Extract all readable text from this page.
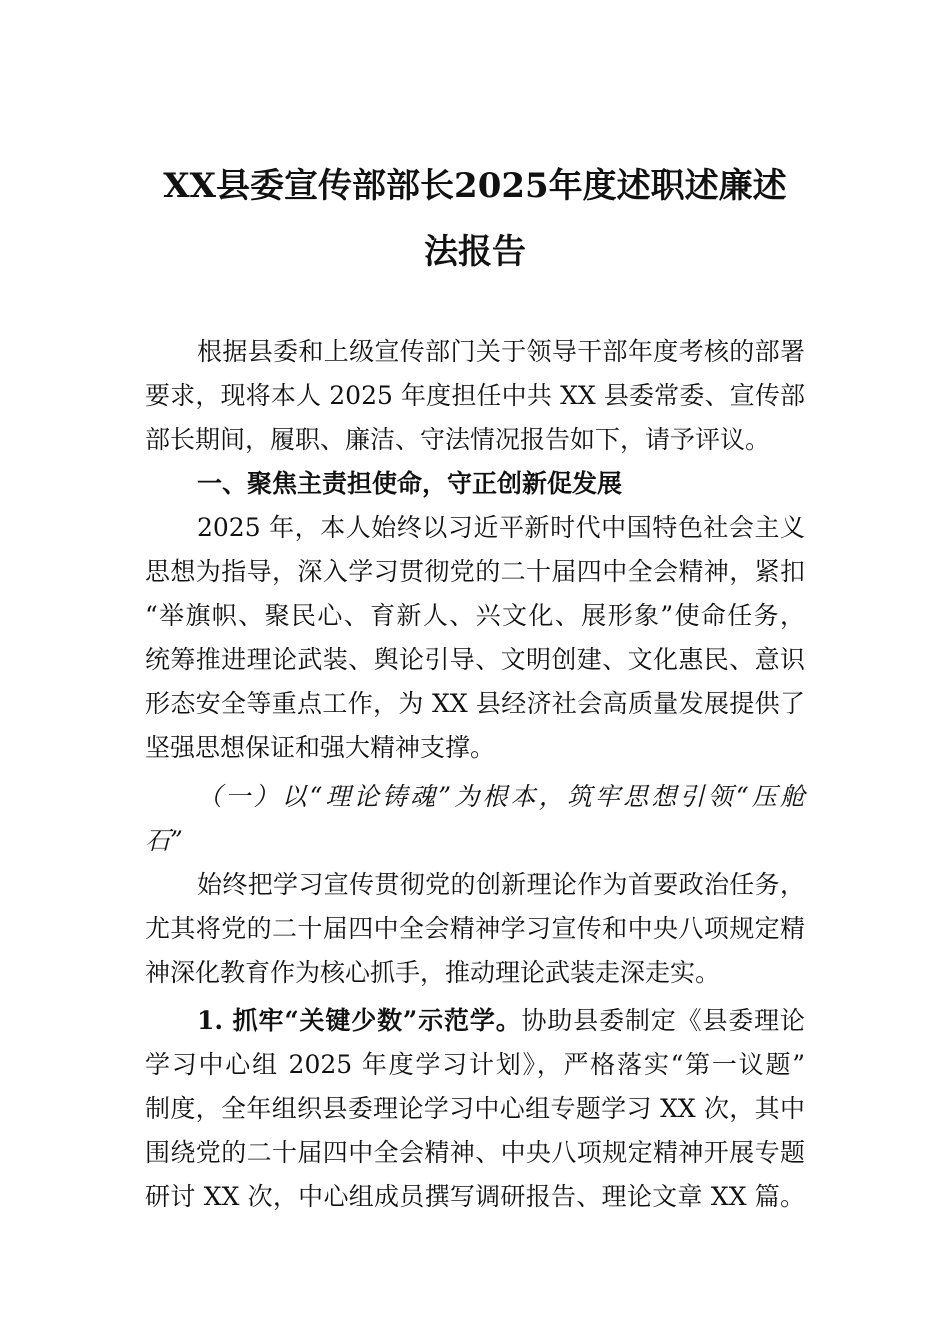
XX县委宣传部部长2025年度述职述廉述
法报告
根据县委和上级宣传部门关于领导干部年度考核的部署
要求，现将本人 2025 年度担任中共 XX 县委常委、宣传部
部长期间，履职、廉洁、守法情况报告如下，请予评议。
一、聚焦主责担使命，守正创新促发展
2025 年，本人始终以习近平新时代中国特色社会主义
思想为指导，深入学习贯彻党的二十届四中全会精神，紧扣
“举旗帜、聚民心、育新人、兴文化、展形象”使命任务，
统筹推进理论武装、舆论引导、文明创建、文化惠民、意识
形态安全等重点工作，为 XX 县经济社会高质量发展提供了
坚强思想保证和强大精神支撑。
（一）以“理论铸魂”为根本，筑牢思想引领“压舱
石”
始终把学习宣传贯彻党的创新理论作为首要政治任务，
尤其将党的二十届四中全会精神学习宣传和中央八项规定精
神深化教育作为核心抓手，推动理论武装走深走实。
1. 抓牢“关键少数”示范学。协助县委制定《县委理论
学习中心组 2025 年度学习计划》，严格落实“第一议题”
制度，全年组织县委理论学习中心组专题学习 XX 次，其中
围绕党的二十届四中全会精神、中央八项规定精神开展专题
研讨 XX 次，中心组成员撰写调研报告、理论文章 XX 篇。
